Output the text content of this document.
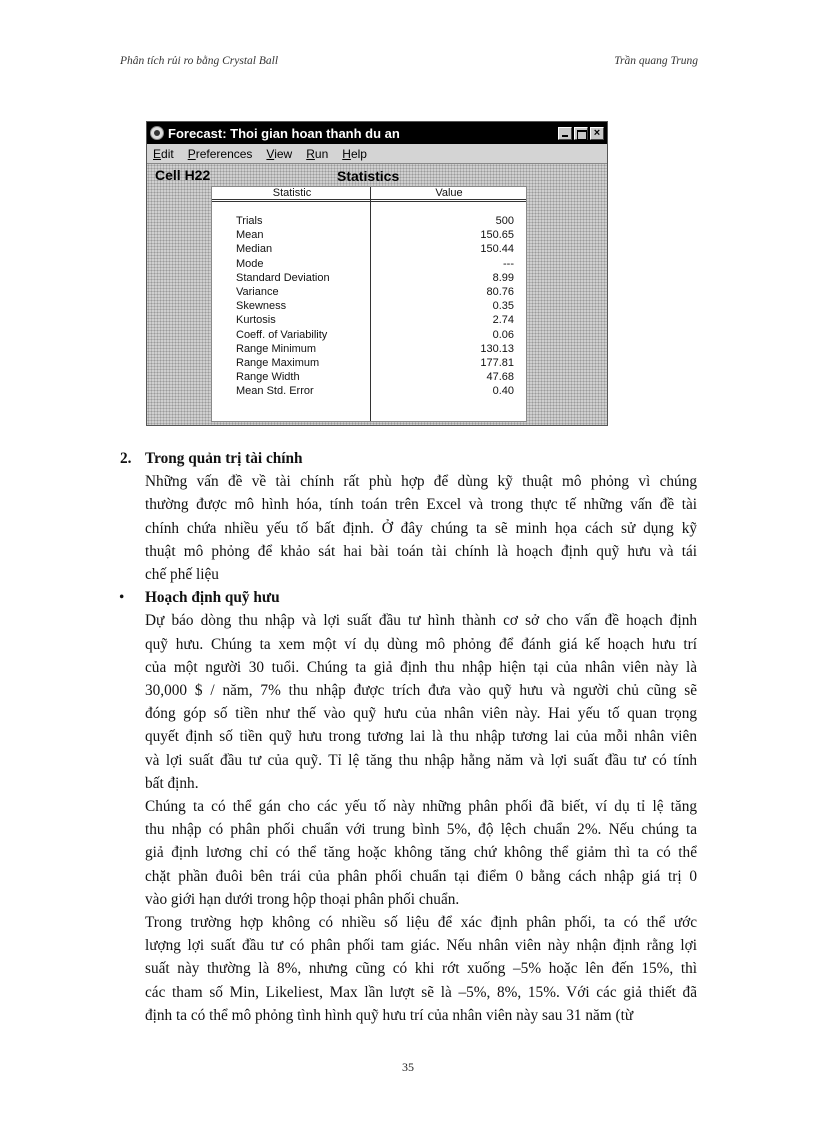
Phân tích rủi ro bằng Crystal Ball	Trần quang Trung
Forecast: Thoi gian hoan thanh du an	×
Edit Preferences View Run Help
Cell H22	Statistics
Statistic	Value
Trials	500
Mean	150.65
Median	150.44
Mode	---
Standard Deviation	8.99
Variance	80.76
Skewness	0.35
Kurtosis	2.74
Coeff. of Variability	0.06
Range Minimum	130.13
Range Maximum	177.81
Range Width	47.68
Mean Std. Error	0.40
2. Trong quản trị tài chính
Những vấn đề về tài chính rất phù hợp để dùng kỹ thuật mô phỏng vì chúng
thường được mô hình hóa, tính toán trên Excel và trong thực tế những vấn đề tài
chính chứa nhiều yếu tố bất định. Ở đây chúng ta sẽ minh họa cách sử dụng kỹ
thuật mô phỏng để khảo sát hai bài toán tài chính là hoạch định quỹ hưu và tái
chế phế liệu
• Hoạch định quỹ hưu
Dự báo dòng thu nhập và lợi suất đầu tư hình thành cơ sở cho vấn đề hoạch định
quỹ hưu. Chúng ta xem một ví dụ dùng mô phỏng để đánh giá kế hoạch hưu trí
của một người 30 tuổi. Chúng ta giả định thu nhập hiện tại của nhân viên này là
30,000 $ / năm, 7% thu nhập được trích đưa vào quỹ hưu và người chủ cũng sẽ
đóng góp số tiền như thế vào quỹ hưu của nhân viên này. Hai yếu tố quan trọng
quyết định số tiền quỹ hưu trong tương lai là thu nhập tương lai của mỗi nhân viên
và lợi suất đầu tư của quỹ. Tỉ lệ tăng thu nhập hằng năm và lợi suất đầu tư có tính
bất định.
Chúng ta có thể gán cho các yếu tố này những phân phối đã biết, ví dụ tỉ lệ tăng
thu nhập có phân phối chuẩn với trung bình 5%, độ lệch chuẩn 2%. Nếu chúng ta
giả định lương chỉ có thể tăng hoặc không tăng chứ không thể giảm thì ta có thể
chặt phần đuôi bên trái của phân phối chuẩn tại điểm 0 bằng cách nhập giá trị 0
vào giới hạn dưới trong hộp thoại phân phối chuẩn.
Trong trường hợp không có nhiều số liệu để xác định phân phối, ta có thể ước
lượng lợi suất đầu tư có phân phối tam giác. Nếu nhân viên này nhận định rằng lợi
suất này thường là 8%, nhưng cũng có khi rớt xuống –5% hoặc lên đến 15%, thì
các tham số Min, Likeliest, Max lần lượt sẽ là –5%, 8%, 15%. Với các giả thiết đã
định ta có thể mô phỏng tình hình quỹ hưu trí của nhân viên này sau 31 năm (từ
35
